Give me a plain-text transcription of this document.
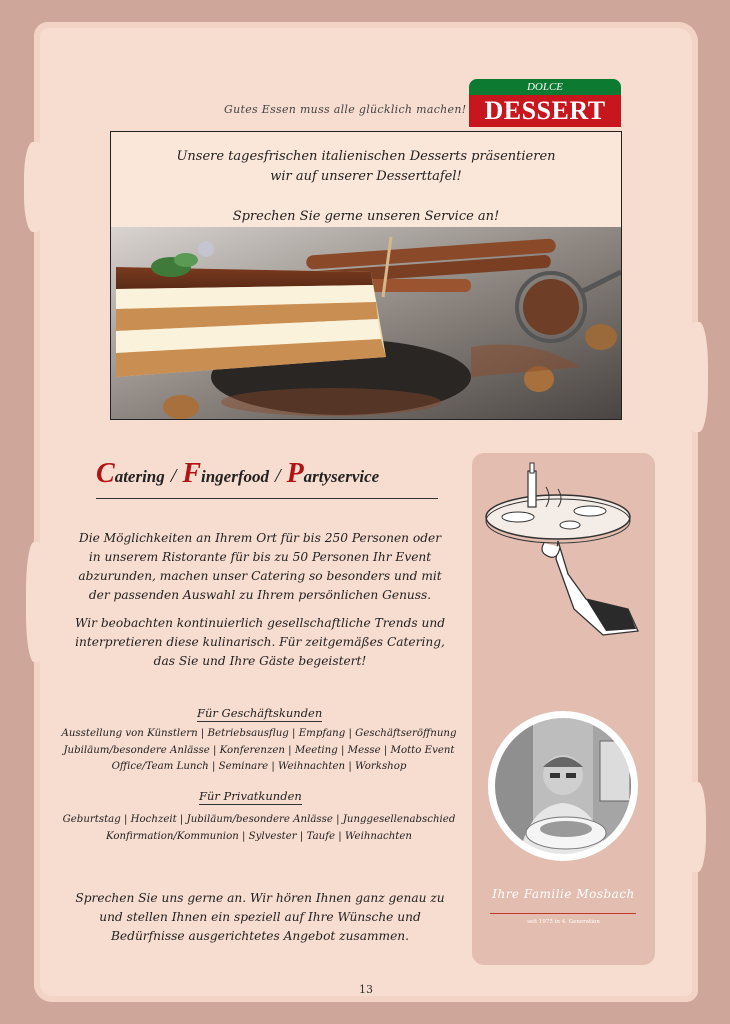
Gutes Essen muss alle glücklich machen!
DOLCE
DESSERT

Unsere tagesfrischen italienischen Desserts präsentieren

wir auf unserer Desserttafel!

Sprechen Sie gerne unseren Service an!

Catering / Fingerfood / Partyservice

Die Möglichkeiten an Ihrem Ort für bis 250 Personen oder

in unserem Ristorante für bis zu 50 Personen Ihr Event

abzurunden, machen unser Catering so besonders und mit

der passenden Auswahl zu Ihrem persönlichen Genuss.

Wir beobachten kontinuierlich gesellschaftliche Trends und

interpretieren diese kulinarisch. Für zeitgemäßes Catering,

das Sie und Ihre Gäste begeistert!

Für Geschäftskunden

Ausstellung von Künstlern | Betriebsausflug | Empfang | Geschäftseröffnung

Jubiläum/besondere Anlässe | Konferenzen | Meeting | Messe | Motto Event

Office/Team Lunch | Seminare | Weihnachten | Workshop

Für Privatkunden

Geburtstag | Hochzeit | Jubiläum/besondere Anlässe | Junggesellenabschied

Konfirmation/Kommunion | Sylvester | Taufe | Weihnachten

Sprechen Sie uns gerne an. Wir hören Ihnen ganz genau zu

und stellen Ihnen ein speziell auf Ihre Wünsche und

Bedürfnisse ausgerichtetes Angebot zusammen.

Ihre Familie Mosbach
seit 1975 in 4. Generation
13
